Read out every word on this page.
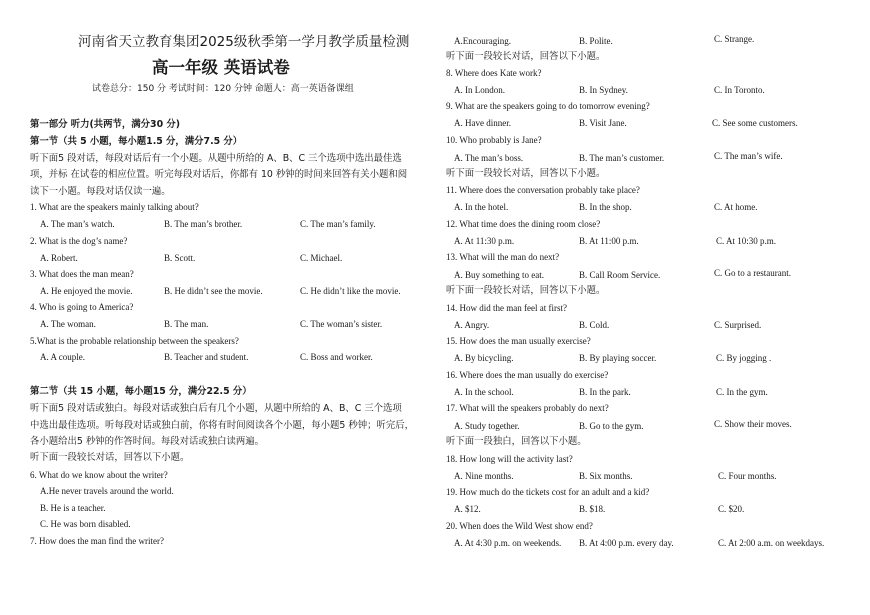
河南省天立教育集团2025级秋季第一学月教学质量检测
高一年级 英语试卷
试卷总分：150 分 考试时间：120 分钟 命题人：高一英语备课组
第一部分 听力(共两节，满分30 分)
第一节（共 5 小题，每小题1.5 分，满分7.5 分）
听下面5 段对话，每段对话后有一个小题。从题中所给的 A、B、C 三个选项中选出最佳选
项，并标 在试卷的相应位置。听完每段对话后，你都有 10 秒钟的时间来回答有关小题和阅
读下一小题。每段对话仅读一遍。
1. What are the speakers mainly talking about?
A. The man’s watch.	B. The man’s brother.	C. The man’s family.
2. What is the dog’s name?
A. Robert.	B. Scott.	C. Michael.
3. What does the man mean?
A. He enjoyed the movie.	B. He didn’t see the movie.	C. He didn’t like the movie.
4. Who is going to America?
A. The woman.	B. The man.	C. The woman’s sister.
5.What is the probable relationship between the speakers?
A. A couple.	B. Teacher and student.	C. Boss and worker.
第二节（共 15 小题，每小题15 分，满分22.5 分）
听下面5 段对话或独白。每段对话或独白后有几个小题，从题中所给的 A、B、C 三个选项
中选出最佳选项。听每段对话或独白前，你将有时间阅读各个小题，每小题5 秒钟；听完后，
各小题给出5 秒钟的作答时间。每段对话或独白读两遍。
听下面一段较长对话，回答以下小题。
6. What do we know about the writer?
A.He never travels around the world.
B. He is a teacher.
C. He was born disabled.
7. How does the man find the writer?
A.Encouraging.	B. Polite.	C. Strange.
听下面一段较长对话，回答以下小题。
8. Where does Kate work?
A. In London.	B. In Sydney.	C. In Toronto.
9. What are the speakers going to do tomorrow evening?
A. Have dinner.	B. Visit Jane.	C. See some customers.
10. Who probably is Jane?
A. The man’s boss.	B. The man’s customer.	C. The man’s wife.
听下面一段较长对话，回答以下小题。
11. Where does the conversation probably take place?
A. In the hotel.	B. In the shop.	C. At home.
12. What time does the dining room close?
A. At 11:30 p.m.	B. At 11:00 p.m.	C. At 10:30 p.m.
13. What will the man do next?
A. Buy something to eat.	B. Call Room Service.	C. Go to a restaurant.
听下面一段较长对话，回答以下小题。
14. How did the man feel at first?
A. Angry.	B. Cold.	C. Surprised.
15. How does the man usually exercise?
A. By bicycling.	B. By playing soccer.	C. By jogging .
16. Where does the man usually do exercise?
A. In the school.	B. In the park.	C. In the gym.
17. What will the speakers probably do next?
A. Study together.	B. Go to the gym.	C. Show their moves.
听下面一段独白，回答以下小题。
18. How long will the activity last?
A. Nine months.	B. Six months.	C. Four months.
19. How much do the tickets cost for an adult and a kid?
A. $12.	B. $18.	C. $20.
20. When does the Wild West show end?
A. At 4:30 p.m. on weekends. B. At 4:00 p.m. every day.	C. At 2:00 a.m. on weekdays.
